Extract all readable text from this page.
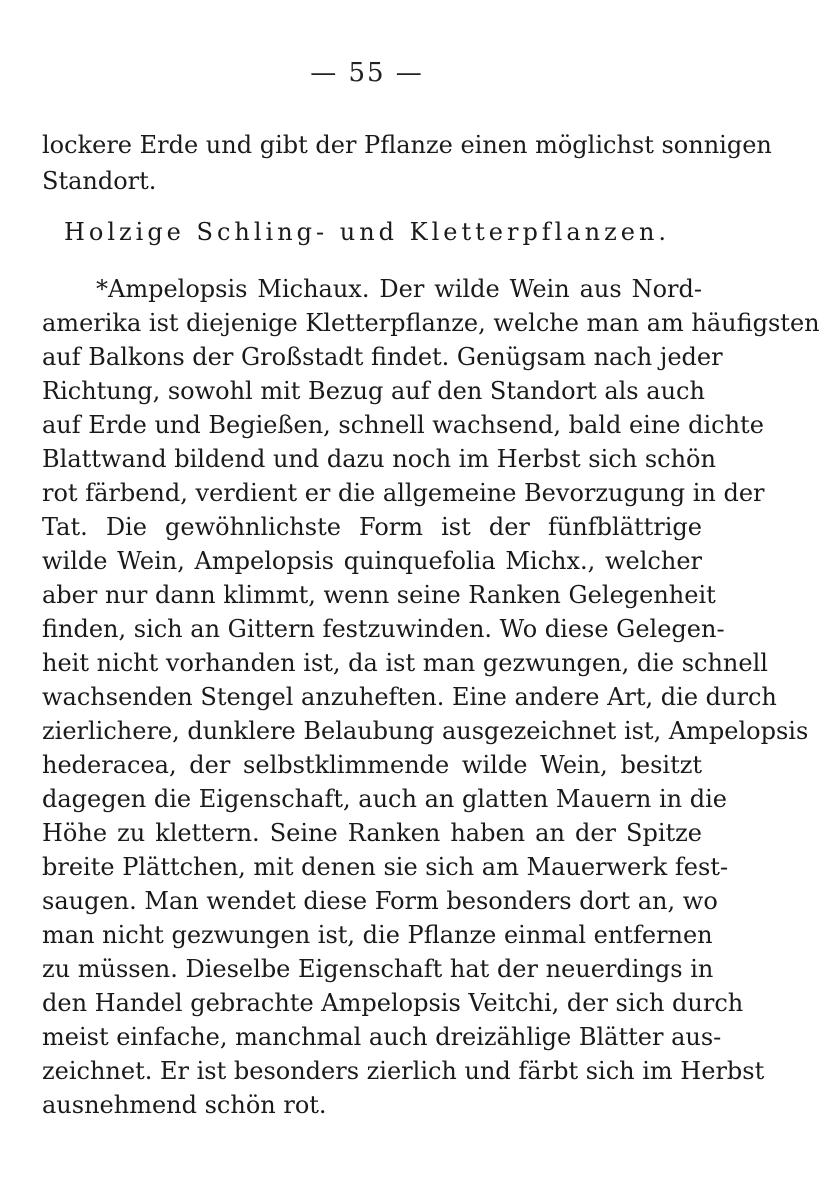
— 55 —
lockere Erde und gibt der Pflanze einen möglichst sonnigen
Standort.
Holzige Schling- und Kletterpflanzen.
*Ampelopsis Michaux. Der wilde Wein aus Nord-
amerika ist diejenige Kletterpflanze, welche man am häufigsten
auf Balkons der Großstadt findet. Genügsam nach jeder
Richtung, sowohl mit Bezug auf den Standort als auch
auf Erde und Begießen, schnell wachsend, bald eine dichte
Blattwand bildend und dazu noch im Herbst sich schön
rot färbend, verdient er die allgemeine Bevorzugung in der
Tat. Die gewöhnlichste Form ist der fünfblättrige
wilde Wein, Ampelopsis quinquefolia Michx., welcher
aber nur dann klimmt, wenn seine Ranken Gelegenheit
finden, sich an Gittern festzuwinden. Wo diese Gelegen-
heit nicht vorhanden ist, da ist man gezwungen, die schnell
wachsenden Stengel anzuheften. Eine andere Art, die durch
zierlichere, dunklere Belaubung ausgezeichnet ist, Ampelopsis
hederacea, der selbstklimmende wilde Wein, besitzt
dagegen die Eigenschaft, auch an glatten Mauern in die
Höhe zu klettern. Seine Ranken haben an der Spitze
breite Plättchen, mit denen sie sich am Mauerwerk fest-
saugen. Man wendet diese Form besonders dort an, wo
man nicht gezwungen ist, die Pflanze einmal entfernen
zu müssen. Dieselbe Eigenschaft hat der neuerdings in
den Handel gebrachte Ampelopsis Veitchi, der sich durch
meist einfache, manchmal auch dreizählige Blätter aus-
zeichnet. Er ist besonders zierlich und färbt sich im Herbst
ausnehmend schön rot.
